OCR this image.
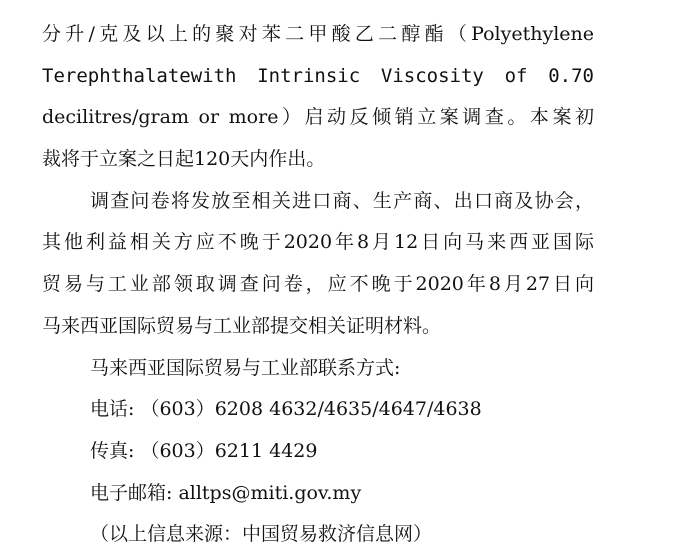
分升/克及以上的聚对苯二甲酸乙二醇酯（Polyethylene
Terephthalatewith Intrinsic Viscosity of 0.70
decilitres/gram or more）启动反倾销立案调查。本案初
裁将于立案之日起120天内作出。
调查问卷将发放至相关进口商、生产商、出口商及协会，
其他利益相关方应不晚于2020年8月12日向马来西亚国际
贸易与工业部领取调查问卷，应不晚于2020年8月27日向
马来西亚国际贸易与工业部提交相关证明材料。
马来西亚国际贸易与工业部联系方式:
电话: （603）6208 4632/4635/4647/4638
传真: （603）6211 4429
电子邮箱: alltps@miti.gov.my
（以上信息来源：中国贸易救济信息网）
